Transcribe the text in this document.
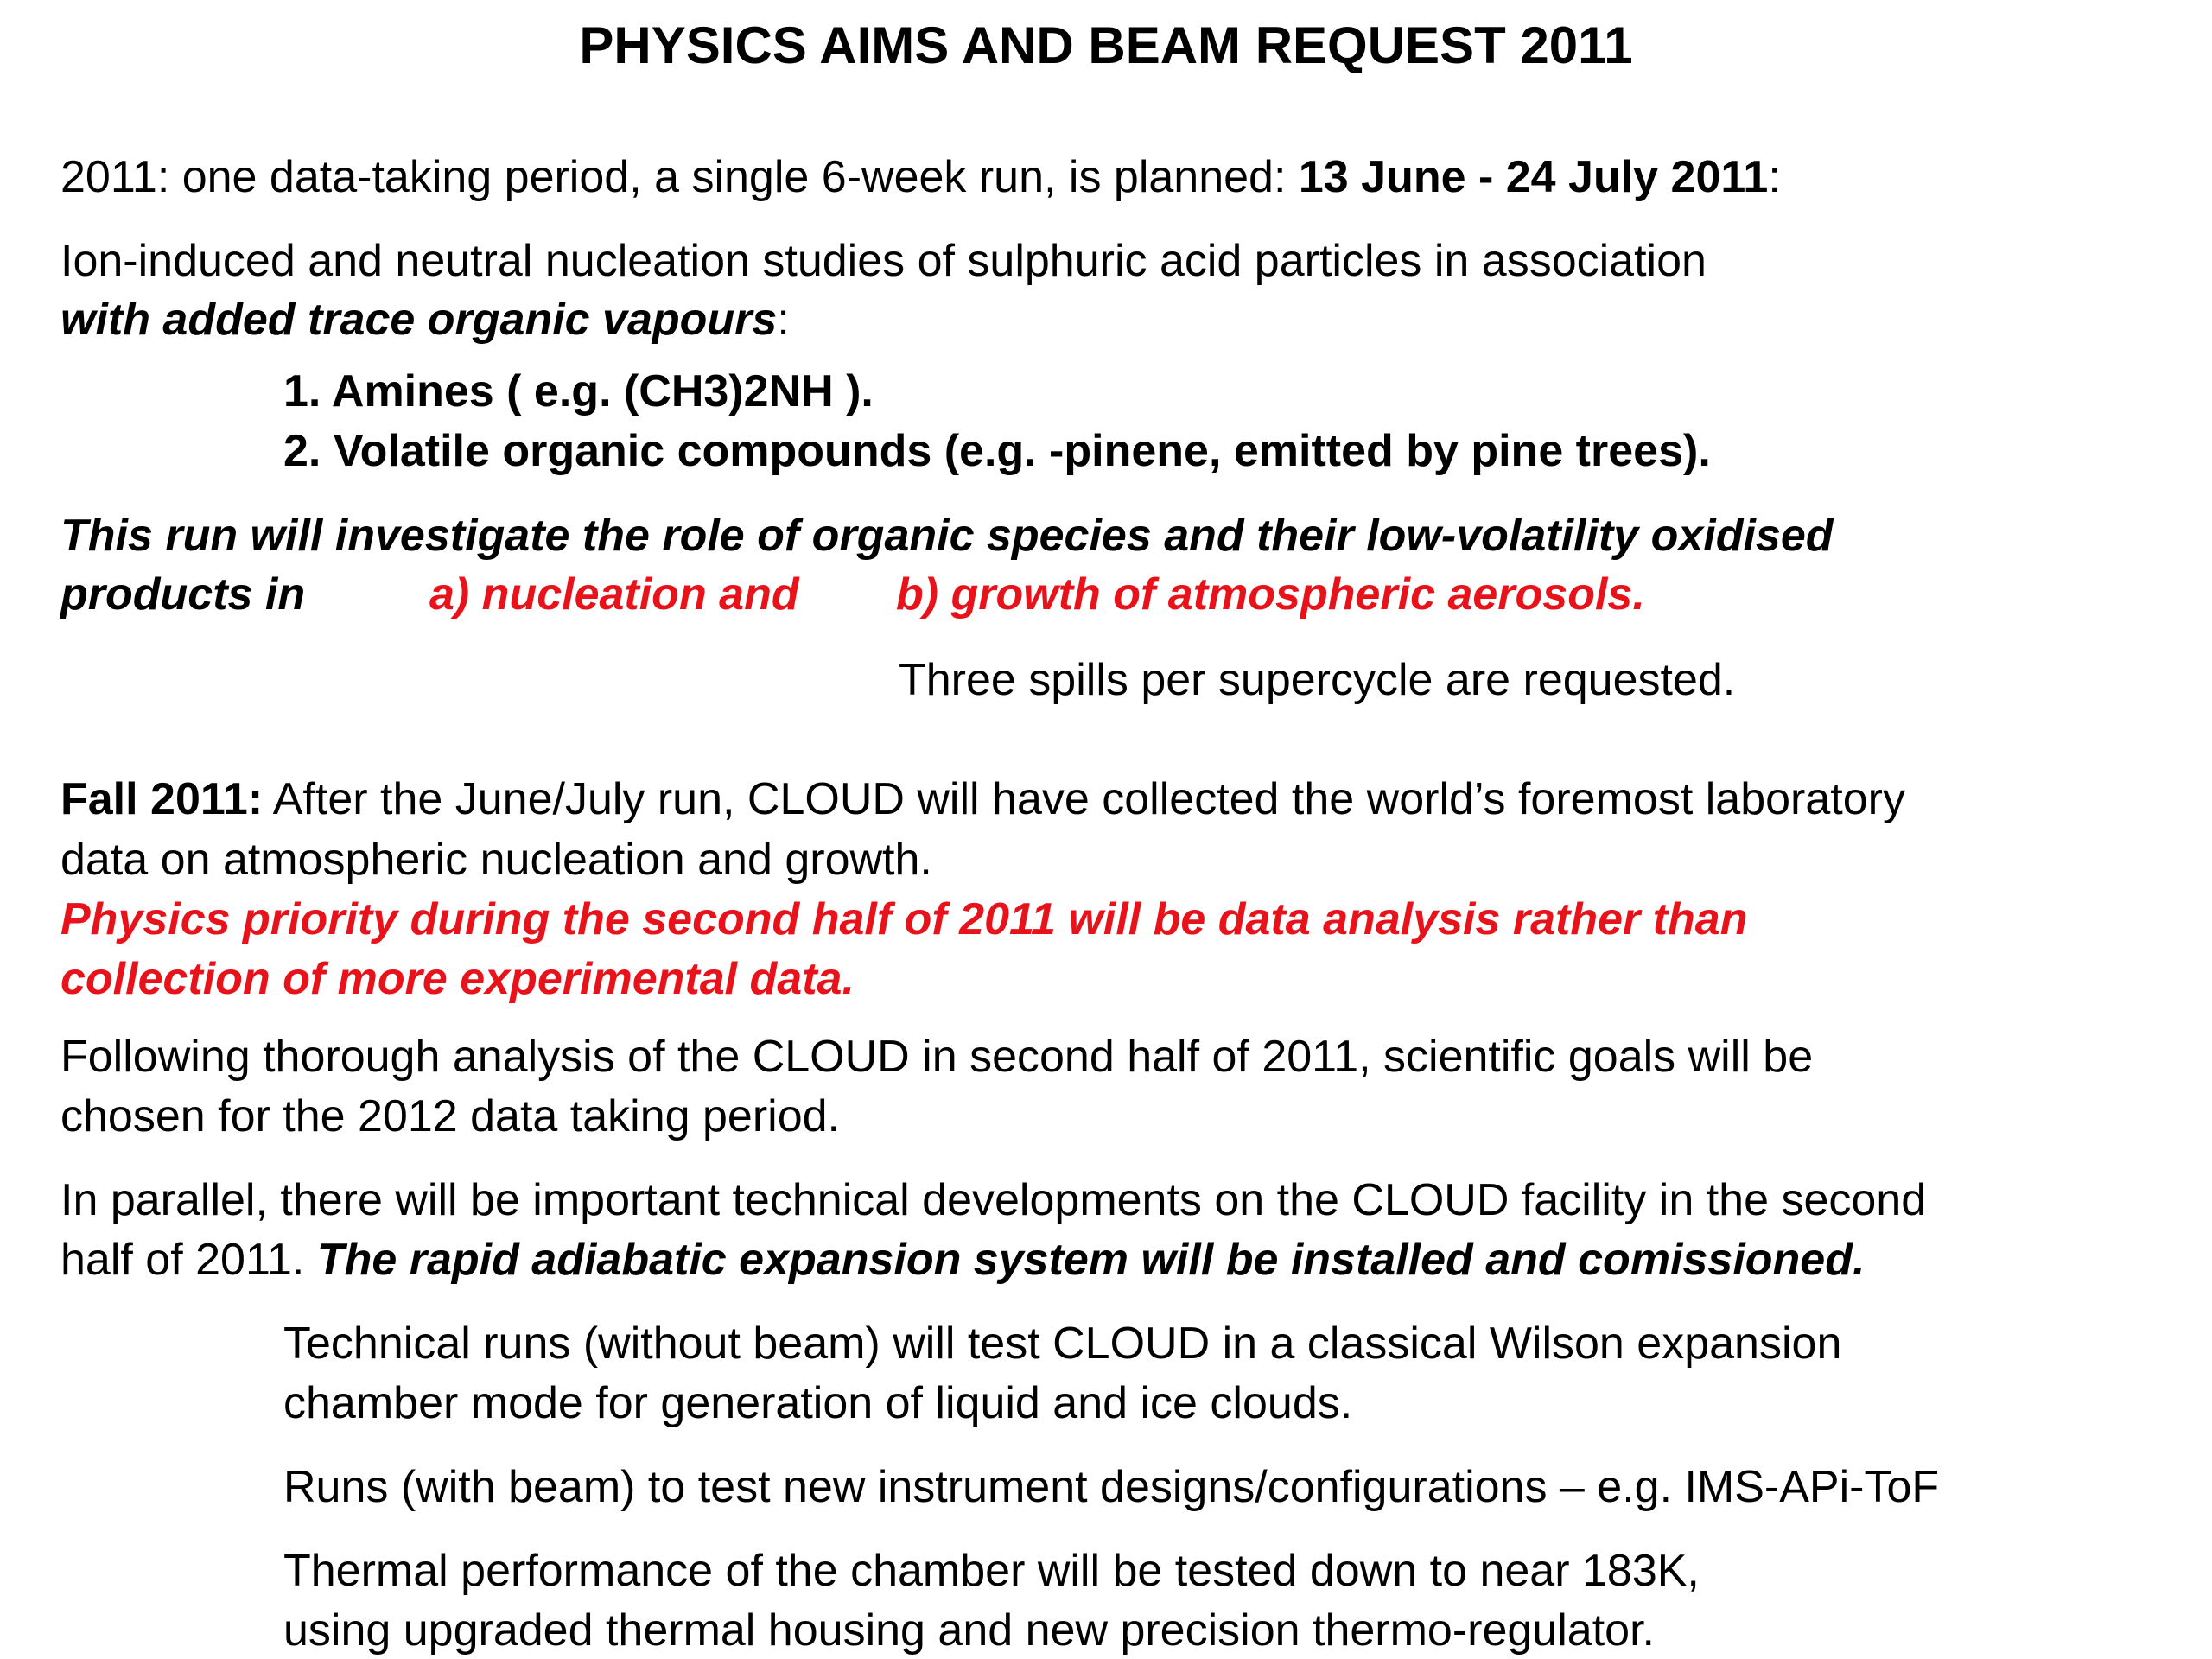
PHYSICS AIMS AND BEAM REQUEST 2011
2011: one data-taking period, a single 6-week run, is planned: 13 June - 24 July 2011:
Ion-induced and neutral nucleation studies of sulphuric acid particles in association
with added trace organic vapours:
1. Amines ( e.g. (CH3)2NH ).
2. Volatile organic compounds (e.g. -pinene, emitted by pine trees).
This run will investigate the role of organic species and their low-volatility oxidised
products in	a) nucleation and b) growth of atmospheric aerosols.
Three spills per supercycle are requested.
Fall 2011: After the June/July run, CLOUD will have collected the world’s foremost laboratory
data on atmospheric nucleation and growth.
Physics priority during the second half of 2011 will be data analysis rather than
collection of more experimental data.
Following thorough analysis of the CLOUD in second half of 2011, scientific goals will be
chosen for the 2012 data taking period.
In parallel, there will be important technical developments on the CLOUD facility in the second
half of 2011. The rapid adiabatic expansion system will be installed and comissioned.
Technical runs (without beam) will test CLOUD in a classical Wilson expansion
chamber mode for generation of liquid and ice clouds.
Runs (with beam) to test new instrument designs/configurations – e.g. IMS-APi-ToF
Thermal performance of the chamber will be tested down to near 183K,
using upgraded thermal housing and new precision thermo-regulator.
